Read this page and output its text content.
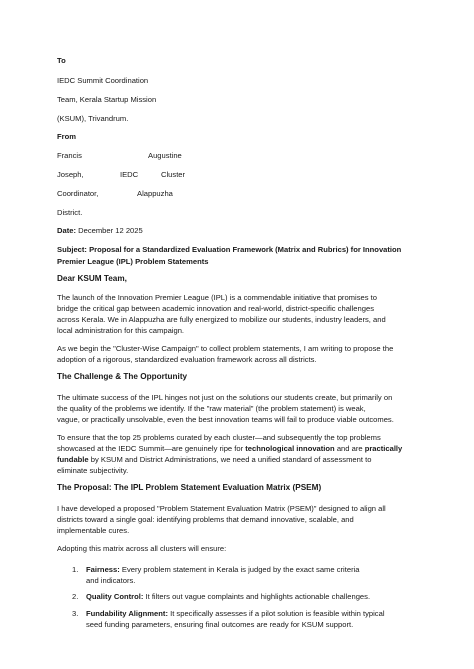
To
IEDC Summit Coordination
Team, Kerala Startup Mission
(KSUM), Trivandrum.
From
Francis	Augustine
Joseph,	IEDC	Cluster
Coordinator,	Alappuzha
District.
Date: December 12 2025
Subject: Proposal for a Standardized Evaluation Framework (Matrix and Rubrics) for Innovation
Premier League (IPL) Problem Statements
Dear KSUM Team,

The launch of the Innovation Premier League (IPL) is a commendable initiative that promises to

bridge the critical gap between academic innovation and real-world, district-specific challenges

across Kerala. We in Alappuzha are fully energized to mobilize our students, industry leaders, and

local administration for this campaign.

As we begin the "Cluster-Wise Campaign" to collect problem statements, I am writing to propose the

adoption of a rigorous, standardized evaluation framework across all districts.

The Challenge & The Opportunity

The ultimate success of the IPL hinges not just on the solutions our students create, but primarily on

the quality of the problems we identify. If the "raw material" (the problem statement) is weak,

vague, or practically unsolvable, even the best innovation teams will fail to produce viable outcomes.

To ensure that the top 25 problems curated by each cluster—and subsequently the top problems

showcased at the IEDC Summit—are genuinely ripe for technological innovation and are practically

fundable by KSUM and District Administrations, we need a unified standard of assessment to

eliminate subjectivity.

The Proposal: The IPL Problem Statement Evaluation Matrix (PSEM)

I have developed a proposed "Problem Statement Evaluation Matrix (PSEM)" designed to align all

districts toward a single goal: identifying problems that demand innovative, scalable, and

implementable cures.

Adopting this matrix across all clusters will ensure:
1. Fairness: Every problem statement in Kerala is judged by the exact same criteria
and indicators.
2. Quality Control: It filters out vague complaints and highlights actionable challenges.
3. Fundability Alignment: It specifically assesses if a pilot solution is feasible within typical
seed funding parameters, ensuring final outcomes are ready for KSUM support.
